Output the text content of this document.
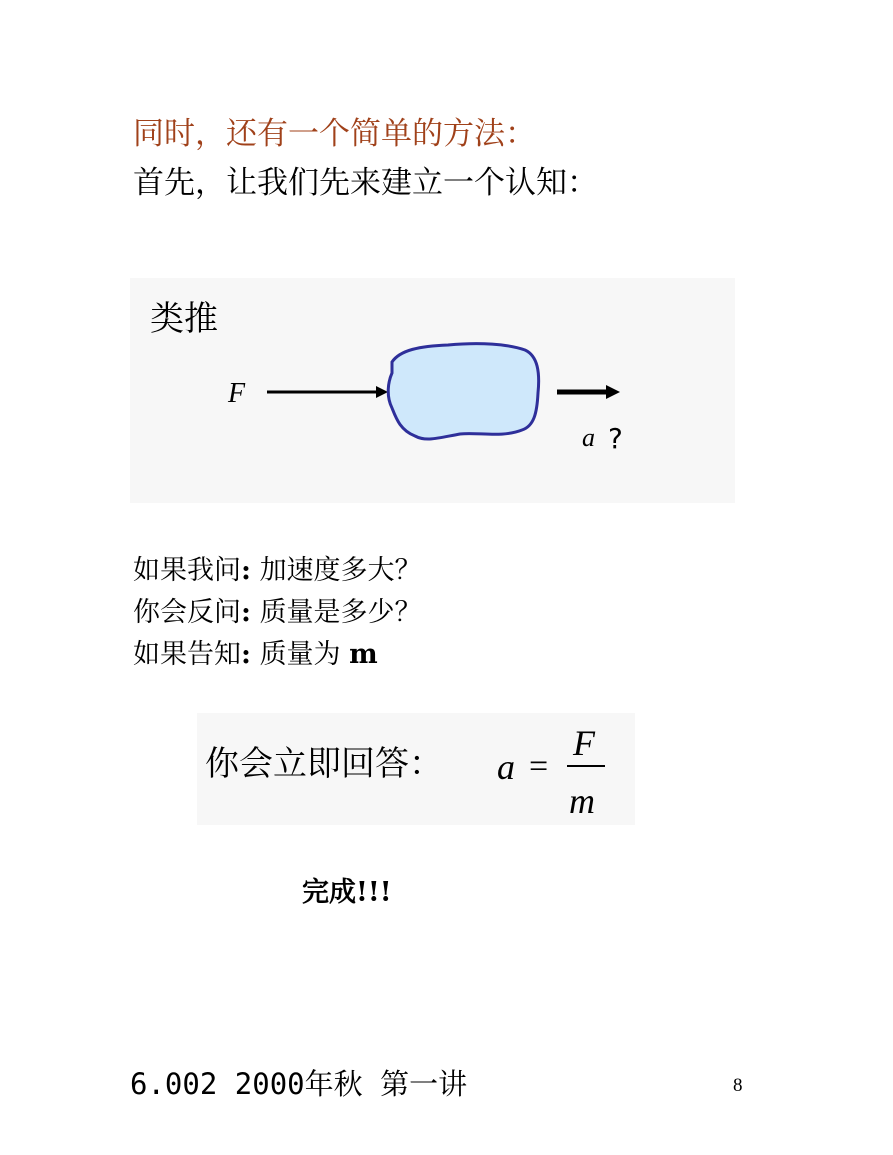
同时，还有一个简单的方法：
首先，让我们先来建立一个认知：
类推
F
a ?
如果我问: 加速度多大？
你会反问: 质量是多少？
如果告知: 质量为 m
你会立即回答： a =
F
m
完成!!!
6.002 2000年秋 第一讲	8
